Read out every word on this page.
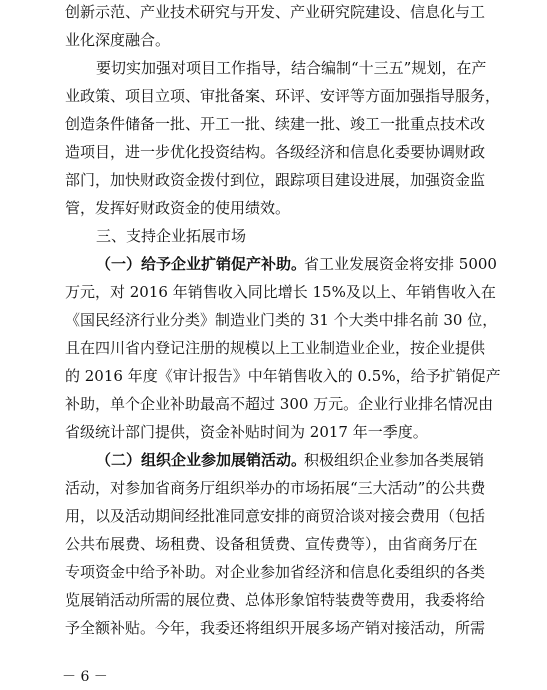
创新示范、产业技术研究与开发、产业研究院建设、信息化与工
业化深度融合。
要切实加强对项目工作指导，结合编制“十三五”规划，在产
业政策、项目立项、审批备案、环评、安评等方面加强指导服务，
创造条件储备一批、开工一批、续建一批、竣工一批重点技术改
造项目，进一步优化投资结构。各级经济和信息化委要协调财政
部门，加快财政资金拨付到位，跟踪项目建设进展，加强资金监
管，发挥好财政资金的使用绩效。
三、支持企业拓展市场
（一）给予企业扩销促产补助。
省工业发展资金将安排 5000
万元，对 2016 年销售收入同比增长 15%及以上、年销售收入在
《国民经济行业分类》制造业门类的 31 个大类中排名前 30 位，
且在四川省内登记注册的规模以上工业制造业企业，按企业提供
的 2016 年度《审计报告》中年销售收入的 0.5%，给予扩销促产
补助，单个企业补助最高不超过 300 万元。企业行业排名情况由
省级统计部门提供，资金补贴时间为 2017 年一季度。
（二）组织企业参加展销活动。
积极组织企业参加各类展销
活动，对参加省商务厅组织举办的市场拓展“三大活动”的公共费
用，以及活动期间经批准同意安排的商贸洽谈对接会费用（包括
公共布展费、场租费、设备租赁费、宣传费等），由省商务厅在
专项资金中给予补助。对企业参加省经济和信息化委组织的各类
览展销活动所需的展位费、总体形象馆特装费等费用，我委将给
予全额补贴。今年，我委还将组织开展多场产销对接活动，所需
－ 6 －
